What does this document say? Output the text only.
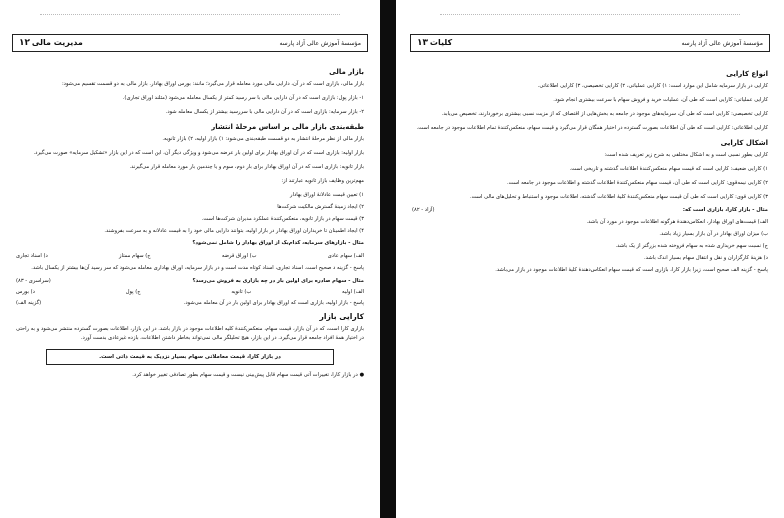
مؤسسهٔ آموزش عالی آزاد پارسه
مدیریت مالی ۱۲
بازار مالی

بازار مالی، بازاری است که در آن، دارایی مالی مورد معامله قرار می‌گیرد؛ مانند: بورس اوراق بهادار. بازار مالی به دو قسمت تقسیم می‌شود:

۱- بازار پول: بازاری است که در آن دارایی مالی با سر رسید کمتر از یکسال معامله می‌شود (مثلند اوراق تجاری).

۲- بازار سرمایه: بازاری است که در آن دارایی مالی با سررسید بیشتر از یکسال معامله شود.

طبقه‌بندی بازار مالی بر اساس مرحلهٔ انتشار

بازار مالی از نظر مرحلهٔ انتشار به دو قسمت طبقه‌بندی می‌شود: ۱) بازار اولیه، ۲) بازار ثانویه.

بازار اولیه: بازاری است که در آن اوراق بهادار برای اولین بار عرضه می‌شود و ویژگی دیگر آن، این است که در این بازار «تشکیل سرمایه» صورت می‌گیرد.

بازار ثانویه: بازاری است که در آن اوراق بهادار برای بار دوم، سوم و یا چندمین بار مورد معامله قرار می‌گیرند.

مهم‌ترین وظایف بازار ثانویه عبارتند از:

۱) تعیین قیمت عادلانهٔ اوراق بهادار

۲) ایجاد زمینهٔ گسترش مالکیت شرکت‌ها

۳) قیمت سهام در بازار ثانویه، منعکس‌کنندهٔ عملکرد مدیران شرکت‌ها است.

۴) ایجاد اطمینان تا خریداران اوراق بهادار در بازار اولیه، بتوانند دارایی مالی خود را به قیمت عادلانه و به سرعت بفروشند.

مثال - بازارهای سرمایه، کدام‌یک از اوراق بهادار را شامل نمی‌شود؟

الف) سهام عادی
ب) اوراق قرضه
ج) سهام ممتاز
د) اسناد تجاری

پاسخ - گزینه د صحیح است. اسناد تجاری، اسناد کوتاه مدت است و در بازار سرمایه، اوراق بهاداری معامله می‌شود که سر رسید آن‌ها بیشتر از یکسال باشد.

مثال - سهام صادره برای اولین بار در چه بازاری به فروش می‌رسد؟
(سراسری - ۸۳)
الف) اولیه
ب) ثانویه
ج) پول
د) بورس
پاسخ - بازار اولیه، بازاری است که اوراق بهادار برای اولین بار در آن معامله می‌شود.
(گزینه الف)
کارایی بازار

بازاری کارا است، که در آن بازار، قیمت سهام، منعکس‌کنندهٔ کلیه اطلاعات موجود در بازار باشد. در این بازار، اطلاعات بصورت گسترده منتشر می‌شود و به راحتی در اختیار همهٔ افراد جامعه قرار می‌گیرد. در این بازار، هیچ تحلیلگر مالی نمی‌تواند بخاطر داشتن اطلاعات، بازده غیرعادی بدست آورد.

در بازار کارا، قیمت معاملاتی سهام بسیار نزدیک به قیمت ذاتی است.

● در بازار کارا، تغییرات آتی قیمت سهام قابل پیش‌بینی نیست و قیمت سهام بطور تصادفی تغییر خواهد کرد.

مؤسسهٔ آموزش عالی آزاد پارسه
کلیات ۱۳
انواع کارایی

کارایی در بازار سرمایه شامل این موارد است: ۱) کارایی عملیاتی، ۲) کارایی تخصیصی، ۳) کارایی اطلاعاتی.

کارایی عملیاتی: کارایی است که طی آن، عملیات خرید و فروش سهام با سرعت بیشتری انجام شود.

کارایی تخصیصی: کارایی است که طی آن، سرمایه‌های موجود در جامعه به بخش‌هایی از اقتصاف که از مزیت نسبی بیشتری برخوردارند، تخصیص می‌یابد.

کارایی اطلاعاتی: کارایی است که طی آن اطلاعات بصورت گسترده در اختیار همگان قرار می‌گیرد و قیمت سهام، منعکس‌کنندهٔ تمام اطلاعات موجود در جامعه است.

اشکال کارایی

کارایی بطور نسبی است و به اشکال مختلفی به شرح زیر تعریف شده است:

۱) کارایی ضعیف: کارایی است که قیمت سهام منعکس‌کنندهٔ اطلاعات گذشته و تاریخی است.

۲) کارایی نیمه‌قوی: کارایی است که طی آن، قیمت سهام منعکس‌کنندهٔ اطلاعات گذشته و اطلاعات موجود در جامعه است.

۳) کارایی قوی: کارایی است که طی آن قیمت سهام منعکس‌کنندهٔ کلیهٔ اطلاعات گذشته، اطلاعات موجود و استنباط و تحلیل‌های مالی است.

مثال - بازار کارا، بازاری است که:
(آزاد - ۸۲)

الف) قیمت‌های اوراق بهادار، انعکاس‌دهندهٔ هرگونه اطلاعات موجود در مورد آن باشد.

ب) میزان اوراق بهادار در آن بازار بسیار زیاد باشد.

ج) نسبت سهم خریداری شده به سهام فروخته شده بزرگتر از یک باشد.

د) هزینهٔ کارگزاران و نقل و انتقال سهام بسیار اندک باشد.

پاسخ - گزینه الف صحیح است، زیرا بازار کارا، بازاری است که قیمت سهام انعکاس‌دهندهٔ کلیهٔ اطلاعات موجود در بازار می‌باشد.
